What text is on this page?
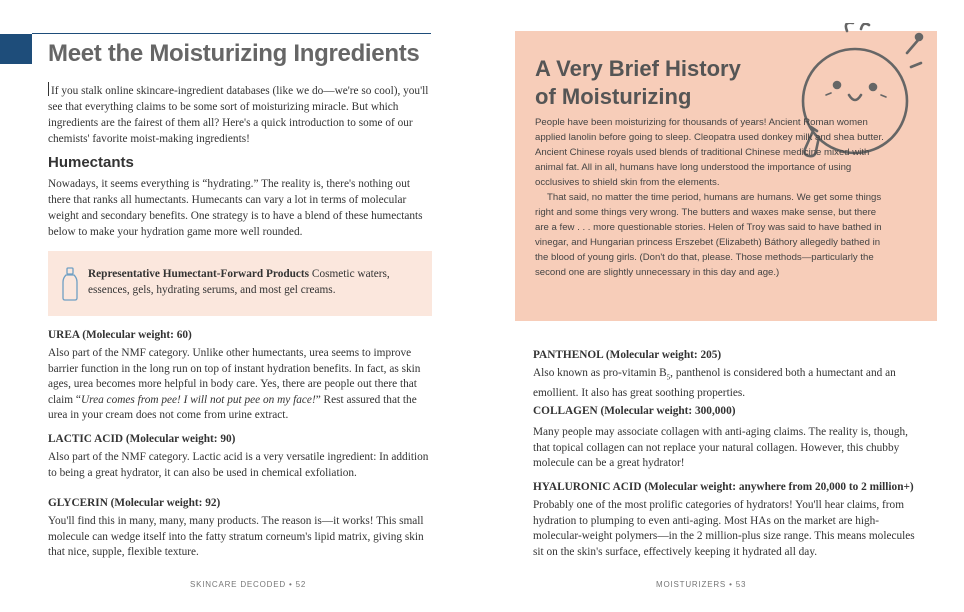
Meet the Moisturizing Ingredients

If you stalk online skincare-ingredient databases (like we do—we're so cool), you'll see that everything claims to be some sort of moisturizing miracle. But which ingredients are the fairest of them all? Here's a quick introduction to some of our chemists' favorite moist-making ingredients!

Humectants

Nowadays, it seems everything is “hydrating.” The reality is, there's nothing out there that ranks all humectants. Humecants can vary a lot in terms of molecular weight and secondary benefits. One strategy is to have a blend of these humectants below to make your hydration game more well rounded.

Representative Humectant-Forward Products Cosmetic waters, essences, gels, hydrating serums, and most gel creams.

UREA (Molecular weight: 60)

Also part of the NMF category. Unlike other humectants, urea seems to improve barrier function in the long run on top of instant hydration benefits. In fact, as skin ages, urea becomes more helpful in body care. Yes, there are people out there that claim “Urea comes from pee! I will not put pee on my face!” Rest assured that the urea in your cream does not come from urine extract.

LACTIC ACID (Molecular weight: 90)

Also part of the NMF category. Lactic acid is a very versatile ingredient: In addition to being a great hydrator, it can also be used in chemical exfoliation.

GLYCERIN (Molecular weight: 92)

You'll find this in many, many, many products. The reason is—it works! This small molecule can wedge itself into the fatty stratum corneum's lipid matrix, giving skin that nice, supple, flexible texture.

SKINCARE DECODED • 52
A Very Brief History of Moisturizing

People have been moisturizing for thousands of years! Ancient Roman women applied lanolin before going to sleep. Cleopatra used donkey milk and shea butter. Ancient Chinese royals used blends of traditional Chinese medicine mixed with animal fat. All in all, humans have long understood the importance of using occlusives to shield skin from the elements.
That said, no matter the time period, humans are humans. We get some things right and some things very wrong. The butters and waxes make sense, but there are a few . . . more questionable stories. Helen of Troy was said to have bathed in vinegar, and Hungarian princess Erszebet (Elizabeth) Báthory allegedly bathed in the blood of young girls. (Don't do that, please. Those methods—particularly the second one are slightly unnecessary in this day and age.)

PANTHENOL (Molecular weight: 205)

Also known as pro-vitamin $B_5$, panthenol is considered both a humectant and an emollient. It also has great soothing properties.

COLLAGEN (Molecular weight: 300,000)

Many people may associate collagen with anti-aging claims. The reality is, though, that topical collagen can not replace your natural collagen. However, this chubby molecule can be a great hydrator!

HYALURONIC ACID (Molecular weight: anywhere from 20,000 to 2 million+)

Probably one of the most prolific categories of hydrators! You'll hear claims, from hydration to plumping to even anti-aging. Most HAs on the market are high-molecular-weight polymers—in the 2 million-plus size range. This means molecules sit on the skin's surface, effectively keeping it hydrated all day.

MOISTURIZERS • 53
